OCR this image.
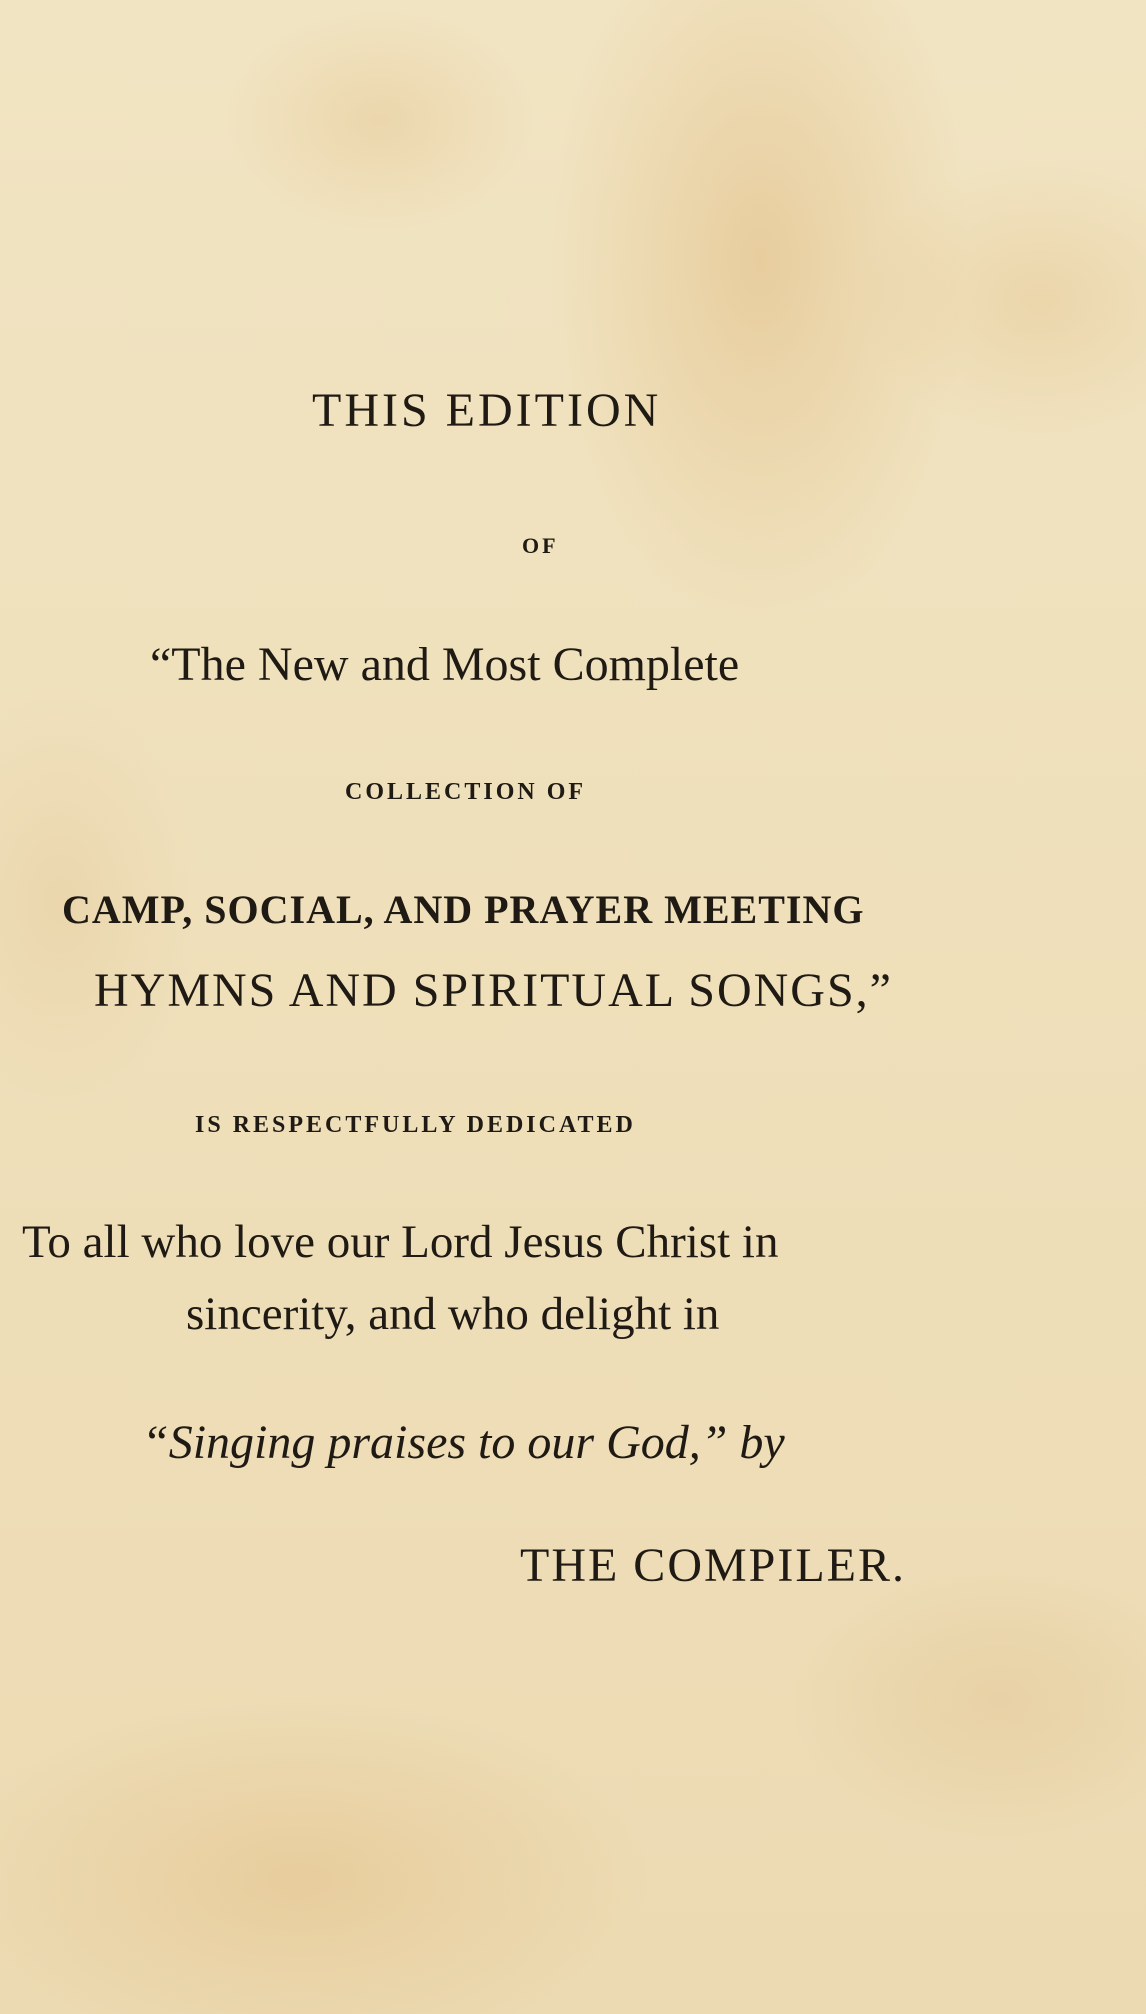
THIS EDITION

OF

“The New and Most Complete

COLLECTION OF

CAMP, SOCIAL, AND PRAYER MEETING

HYMNS AND SPIRITUAL SONGS,”

IS RESPECTFULLY DEDICATED

To all who love our Lord Jesus Christ in

sincerity, and who delight in

“Singing praises to our God,” by

THE COMPILER.
